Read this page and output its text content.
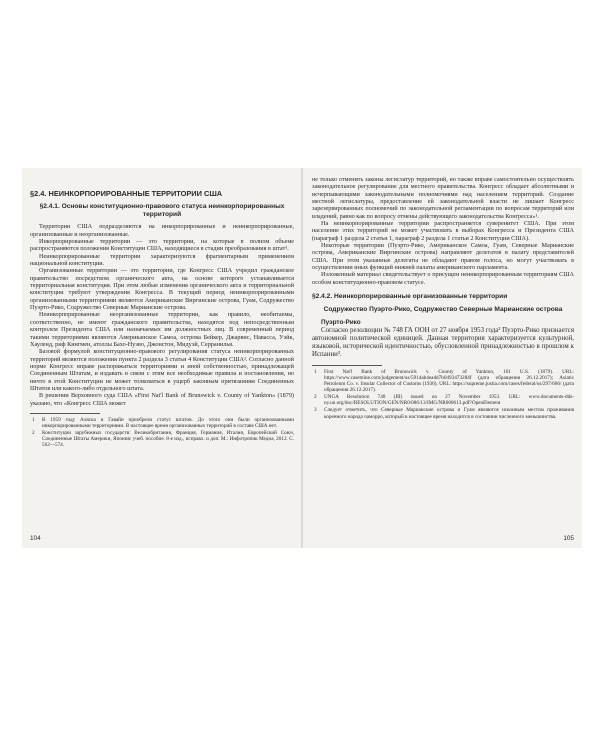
§2.4. НЕИНКОРПОРИРОВАННЫЕ ТЕРРИТОРИИ США
§2.4.1. Основы конституционно-правового статуса неинкорпорированных территорий

Территории США подразделяются на инкорпорированные и неинкорпорированные, организованные и неорганизованные.

Инкорпорированные территории — это территории, на которые в полном объеме распространяются положения Конституции США, находящиеся в стадии преобразования в штат¹.

Неинкорпорированные территории характеризуются фрагментарным применением национальной конституции.

Организованные территории — это территории, где Конгресс США учредил гражданское правительство посредством органического акта, на основе которого устанавливается территориальная конституция. При этом любые изменения органического акта и территориальной конституции требуют утверждения Конгресса. В текущий период неинкорпорированными организованными территориями являются Американские Виргинские острова, Гуам, Содружество Пуэрто-Рико, Содружество Северные Марианские острова.

Неинкорпорированные неорганизованные территории, как правило, необитаемы, соответственно, не имеют гражданского правительства, находятся под непосредственным контролем Президента США или назначаемых им должностных лиц. В современный период такими территориями являются Американское Самоа, острова Бейкер, Джарвис, Навасса, Уэйк, Хауленд, риф Кингмен, атоллы Бахо-Нуэво, Джонстон, Мидуэй, Серранилья.

Базовой формулой конституционно-правового регулирования статуса неинкорпорированных территорий являются положения пункта 2 раздела 3 статьи 4 Конституции США². Согласно данной норме Конгресс вправе распоряжаться территориями и иной собственностью, принадлежащей Соединенным Штатам, и издавать в связи с этим все необходимые правила и постановления, но ничто в этой Конституции не может толковаться в ущерб законным притязаниям Соединенных Штатов или какого-либо отдельного штата.

В решении Верховного суда США «First Nat'l Bank of Brunswick v. County of Yankton» (1879) указано, что «Конгресс США может

1 В 1959 году Аляска и Гавайи приобрели статус штатов. До этого они были организованными инкорпорированными территориями. В настоящее время организованных территорий в составе США нет.
2 Конституции зарубежных государств: Великобритания, Франция, Германия, Италия, Европейский Союз, Соединенные Штаты Америки, Япония: учеб. пособие. 8-е изд., исправл. и доп. М.: Инфотропик Медиа, 2012. С. 562—574.
104

не только отменить законы легислатур территорий, но также вправе самостоятельно осуществлять законодательное регулирование для местного правительства. Конгресс обладает абсолютными и исчерпывающими законодательными полномочиями над населением территорий. Создание местной легислатуры, предоставление ей законодательной власти не лишает Конгресс зарезервированных полномочий по законодательной регламентации по вопросам территорий или владений, равно как по вопросу отмены действующего законодательства Конгресса»¹.

На неинкорпорированные территории распространяется суверенитет США. При этом население этих территорий не может участвовать в выборах Конгресса и Президента США (параграф 1 раздела 2 статьи 1, параграф 2 раздела 1 статьи 2 Конституции США).

Некоторые территории (Пуэрто-Рико, Американское Самоа, Гуам, Северные Марианские острова, Американские Виргинские острова) направляют делегатов в палату представителей США. При этом указанные делегаты не обладают правом голоса, но могут участвовать в осуществлении иных функций нижней палаты американского парламента.

Изложенный материал свидетельствует о присущем неинкорпорированным территориям США особом конституционно-правовом статусе.

§2.4.2. Неинкорпорированные организованные территории
Содружество Пуэрто-Рико, Содружество Северные Марианские острова
Пуэрто-Рико

Согласно резолюции № 748 ГА ООН от 27 ноября 1953 года² Пуэрто-Рико признается автономной политической единицей. Данная территория характеризуется культурной, языковой, исторической идентичностью, обусловленной принадлежностью в прошлом к Испании³.

1 First Nat'l Bank of Brunswick v. County of Yankton, 101 U.S. (1879). URL: https://www.casemine.com/judgement/us/5914ab4eadd7b0493473284f (дата обращения 26.12.2017); Asiatic Petroleum Co. v. Insular Collector of Customs (1936). URL: https://supreme.justia.com/cases/federal/us/297/666/ (дата обращения 26.12.2017).
2 UNGA Resolution 748 (III) issued on 27 November 1953. URL: www.documents-dds-ny.un.org/doc/RESOLUTION/GEN/NR0/086/13/IMG/NR008613.pdf?OpenElement
3 Следует отметить, что Северные Марианские острова и Гуам являются исконным местом проживания коренного народа чаморро, который в настоящее время находится в состоянии численного меньшинства.
105
